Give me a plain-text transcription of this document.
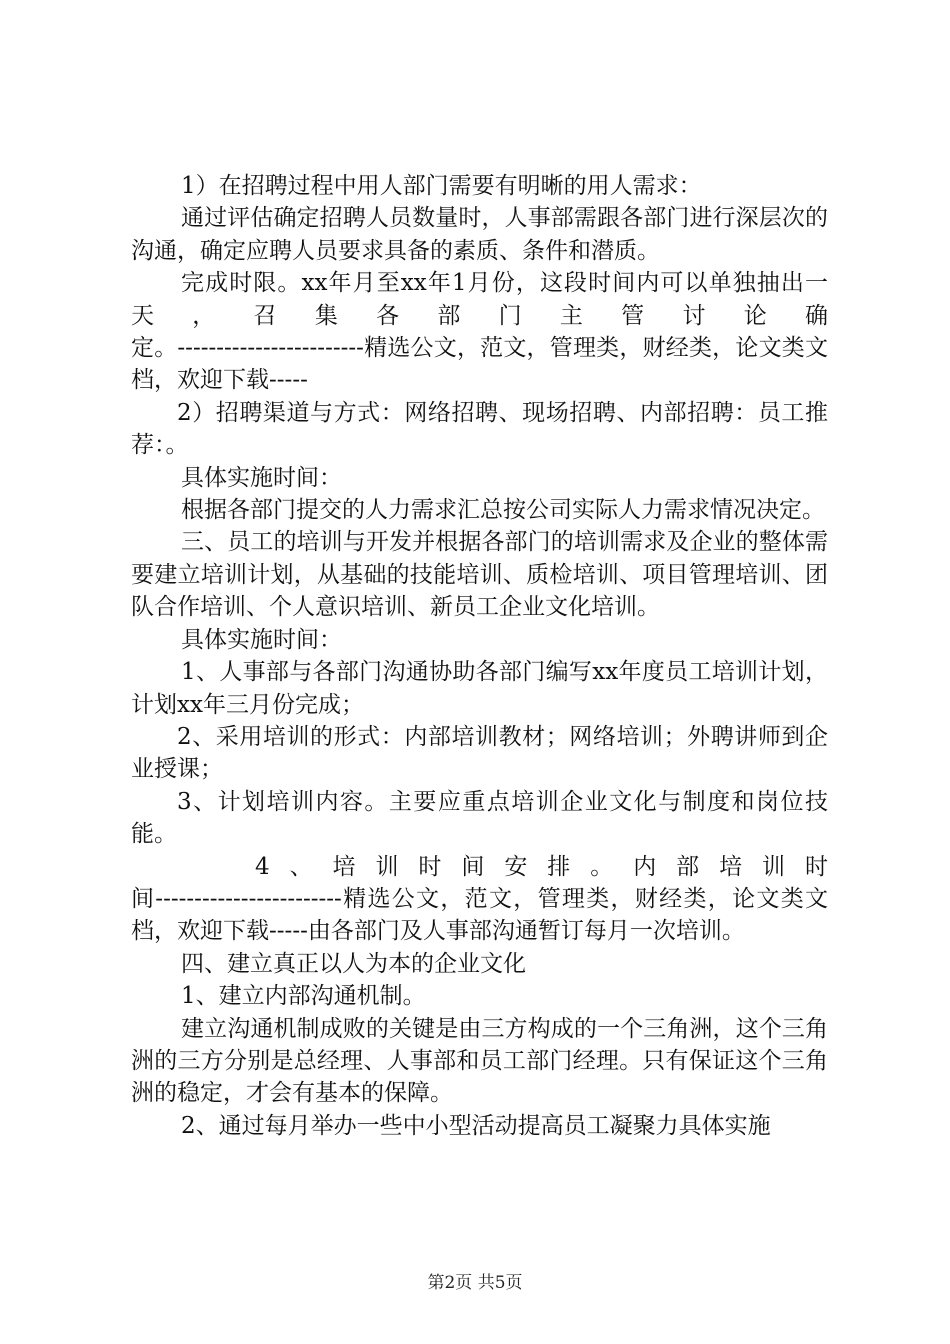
1）在招聘过程中用人部门需要有明晰的用人需求：

通过评估确定招聘人员数量时，人事部需跟各部门进行深层次的沟通，确定应聘人员要求具备的素质、条件和潜质。

完成时限。xx年月至xx年1月份，这段时间内可以单独抽出一天，召集各部门主管讨论确

定。------------------------精选公文，范文，管理类，财经类，论文类文档，欢迎下载-----

2）招聘渠道与方式：网络招聘、现场招聘、内部招聘：员工推荐：。

具体实施时间：

根据各部门提交的人力需求汇总按公司实际人力需求情况决定。

三、员工的培训与开发并根据各部门的培训需求及企业的整体需要建立培训计划，从基础的技能培训、质检培训、项目管理培训、团队合作培训、个人意识培训、新员工企业文化培训。

具体实施时间：

1、人事部与各部门沟通协助各部门编写xx年度员工培训计划，计划xx年三月份完成；

2、采用培训的形式：内部培训教材；网络培训；外聘讲师到企业授课；

3、计划培训内容。主要应重点培训企业文化与制度和岗位技能。

4、培训时间安排。内部培训时

间------------------------精选公文，范文，管理类，财经类，论文类文档，欢迎下载-----由各部门及人事部沟通暂订每月一次培训。

四、建立真正以人为本的企业文化

1、建立内部沟通机制。

建立沟通机制成败的关键是由三方构成的一个三角洲，这个三角洲的三方分别是总经理、人事部和员工部门经理。只有保证这个三角洲的稳定，才会有基本的保障。

2、通过每月举办一些中小型活动提高员工凝聚力具体实施

第2页 共5页
